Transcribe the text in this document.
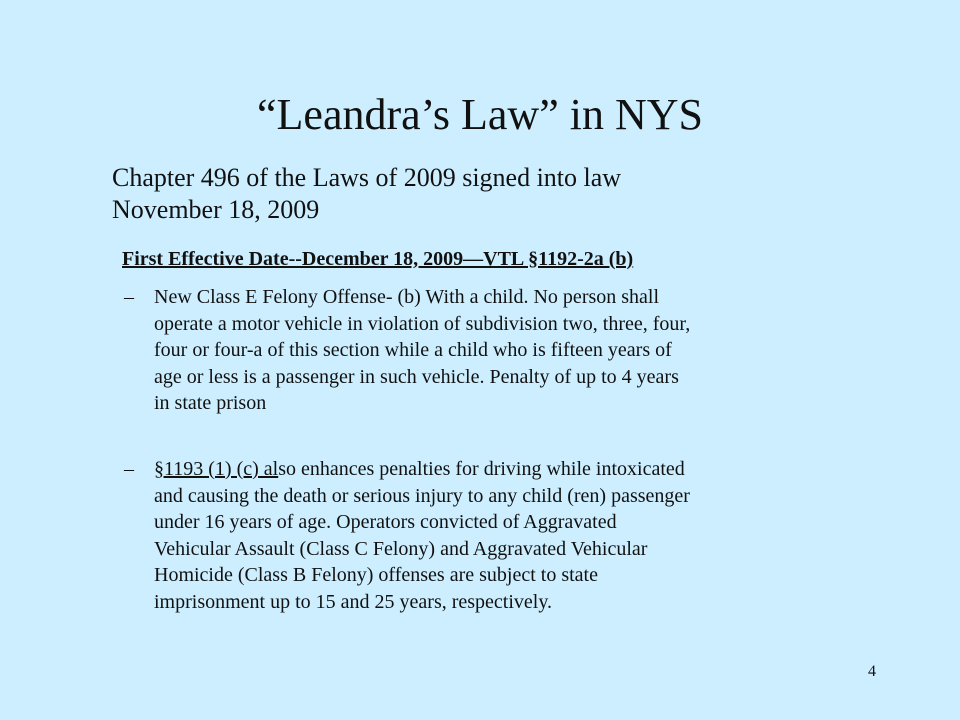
“Leandra’s Law” in NYS

Chapter 496 of the Laws of 2009 signed into law
November 18, 2009

First Effective Date--December 18, 2009—VTL §1192-2a (b)

– New Class E Felony Offense- (b) With a child. No person shall
operate a motor vehicle in violation of subdivision two, three, four,
four or four-a of this section while a child who is fifteen years of
age or less is a passenger in such vehicle. Penalty of up to 4 years
in state prison
– §1193 (1) (c) also enhances penalties for driving while intoxicated
and causing the death or serious injury to any child (ren) passenger
under 16 years of age. Operators convicted of Aggravated
Vehicular Assault (Class C Felony) and Aggravated Vehicular
Homicide (Class B Felony) offenses are subject to state
imprisonment up to 15 and 25 years, respectively.
4
